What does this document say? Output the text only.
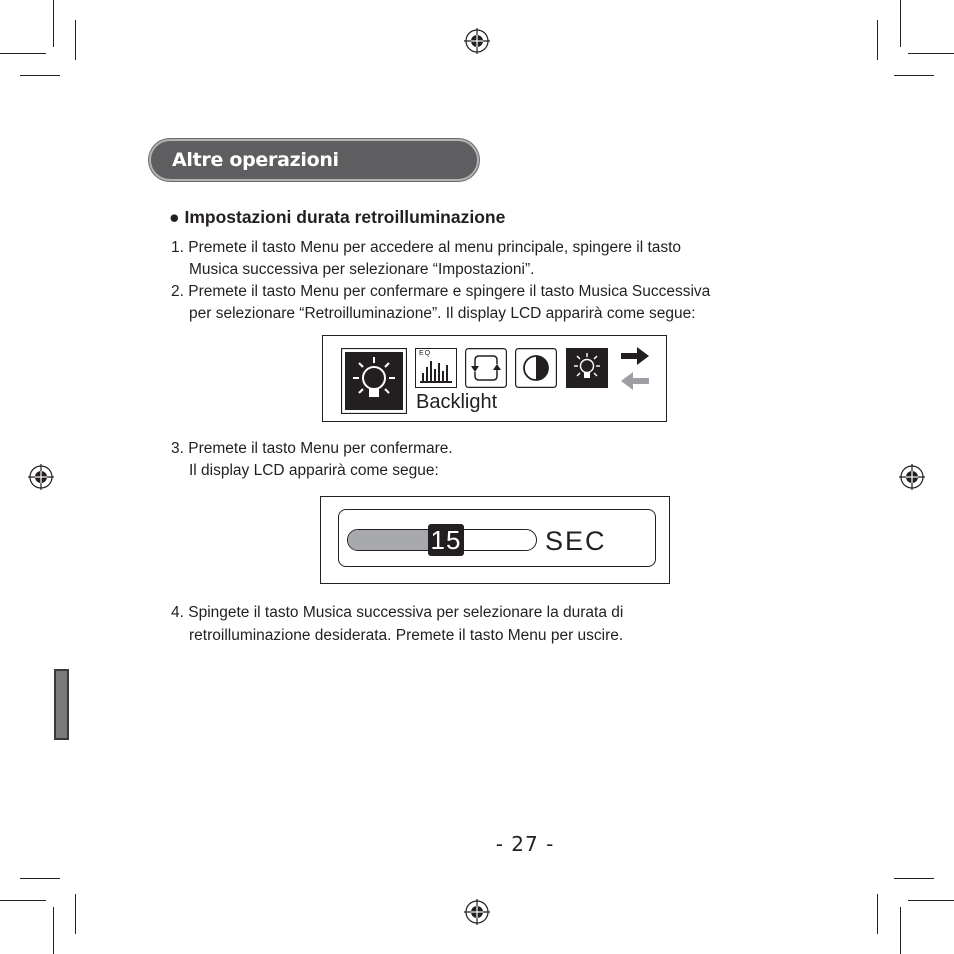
Altre operazioni
● Impostazioni durata retroilluminazione
1. Premete il tasto Menu per accedere al menu principale, spingere il tasto
Musica successiva per selezionare “Impostazioni”.
2. Premete il tasto Menu per confermare e spingere il tasto Musica Successiva
per selezionare “Retroilluminazione”. Il display LCD apparirà come segue:
EQ
Backlight
3. Premete il tasto Menu per confermare.
Il display LCD apparirà come segue:
15	SEC
4. Spingete il tasto Musica successiva per selezionare la durata di
retroilluminazione desiderata. Premete il tasto Menu per uscire.
- 27 -
